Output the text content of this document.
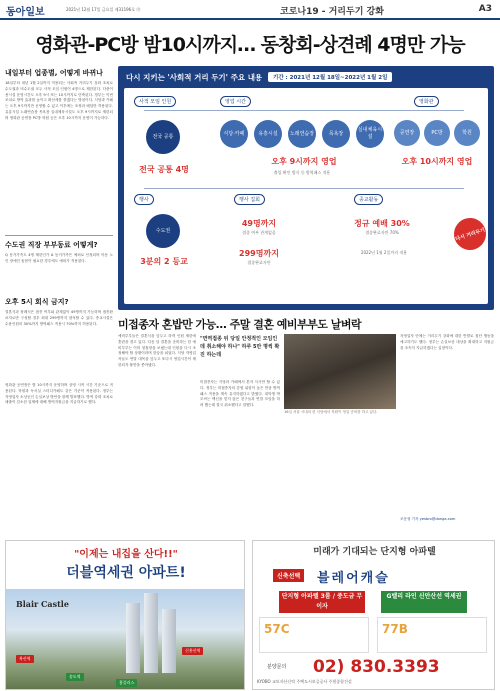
동아일보	2021년 12월 17일 금요일 제31196호 ㉮	코로나19 - 거리두기 강화	A3
영화관-PC방 밤10시까지… 동창회-상견례 4명만 가능
내일부터 업종별, 어떻게 바뀌나
18일부터 내년 1월 2일까지 적용되는 사회적 거리두기 강화 조치로 수도권과 비수도권 모두 사적 모임 인원이 4명으로 제한된다. 다중이용시설 운영시간도 오후 9시 또는 10시까지로 단축된다. 정부는 이번 조치로 방역 효과를 높이고 확산세를 꺾겠다는 방침이다. 식당과 카페는 오후 9시까지만 운영할 수 있고 이후에는 포장과 배달만 허용된다. 유흥시설 노래연습장 목욕장 실내체육시설도 오후 9시까지로 제한되며 영화관 공연장 PC방 학원 등은 오후 10시까지 운영이 가능하다.
수도권 직장 부부동료 어떻게?
Q 동거가족도 4명 제한인가 A 동거가족은 예외로 인정되며 아동 노인 장애인 돌봄이 필요한 경우에도 예외가 적용된다.
오후 5시 회식 금지?
결혼식과 장례식은 접종 여부와 관계없이 49명까지 가능하며 접종완료자로만 구성할 경우 최대 299명까지 참석할 수 있다. 종교시설은 수용인원의 30%까지 방역패스 적용시 70%까지 허용된다.
영화관 공연장은 밤 10시까지 운영하며 상영 시작 시간 기준으로 적용된다. 학원과 독서실 스터디카페도 같은 기준이 적용된다. 정부는 자영업자 소상공인 손실보상 방안을 함께 발표했다. 방역 강화 조치로 매출이 감소한 업체에 대해 방역지원금을 지급하기로 했다.
다시 지키는 '사회적 거리 두기' 주요 내용	기간 : 2021년 12월 18일~2022년 1월 2일
사적 모임 인원	영업 시간	영화관
전국 공통
전국 공통 4명
식당·카페	유흥시설	노래연습장	목욕장
실내체육시설
오후 9시까지 영업
출입 확인 방식 등 방역패스 적용
공연장	PC방	학원
오후 10시까지 영업
행사
수도권
3분의 2 등교
행사 집회
49명까지
접종 여부 관계없음
299명까지
접종완료자만
종교활동
정규 예배 30%
접종완료자만 70%
2022년 1월 2일까지 적용
다시 거리두기
미접종자 혼밥만 가능… 주말 결혼 예비부부도 날벼락
예비부부들은 결혼식을 앞두고 하객 인원 제한에 혼란을 겪고 있다. 다음 달 결혼을 준비하는 한 예비부부는 이미 청첩장을 보냈는데 인원을 다시 조정해야 할 상황이라며 한숨을 쉬었다. 식당 자영업자들도 연말 대목을 앞두고 또다시 영업시간이 제한되자 불만을 쏟아냈다.
"면역접종 뒤 당일 안정적인 모임인데 취소해야 하나" 하루 5만 명씩 확진 하는데
미접종자는 식당과 카페에서 혼자 식사만 할 수 있다. 정부는 미접종자의 감염 위험이 높은 만큼 방역패스 적용을 계속 유지하겠다고 밝혔다. 대학생 박모씨는 백신을 맞지 않은 친구들과 연말 모임을 하려 했는데 결국 취소했다고 말했다.
16일 서울 시내의 한 식당에서 직원이 영업 준비를 하고 있다.
자영업자 단체는 거리두기 강화에 대한 반발로 집단 행동을 예고하기도 했다. 정부는 손실보상 대상을 확대하고 지원금을 조속히 지급하겠다는 입장이다.
조응형 기자 yesbro@donga.com
"이제는 내집을 산다!!"
더블역세권 아파트!
Blair Castle
복산역
신흥산역
송도역
홈플러스
미래가 기대되는 단지형 아파텔
신축선택	블레어캐슬
단지형 아파텔 3룸 / 중도금 무이자
G밸리 라인 신안산선 역세권
57C	77B
분양문의 02) 830.3393
KYOBO 교보자산신탁 주택도시보증공사 주원종합건설
